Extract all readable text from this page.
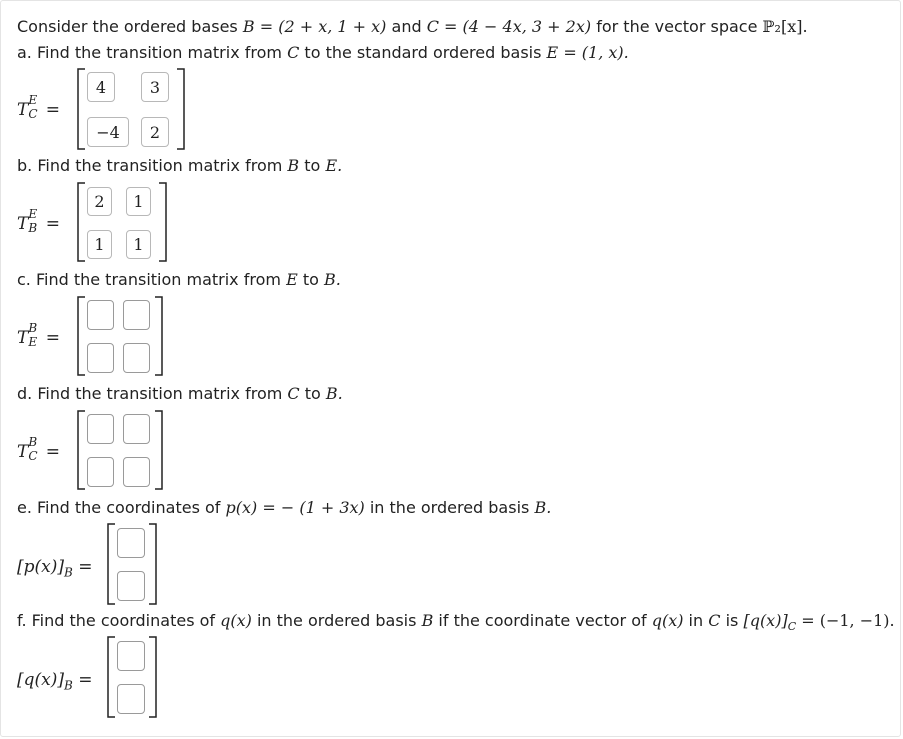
Consider the ordered bases B = (2 + x, 1 + x) and C = (4 − 4x, 3 + 2x) for the vector space ℙ₂[x].
a. Find the transition matrix from C to the standard ordered basis E = (1, x).
T E
C =
4	3
−4	2
b. Find the transition matrix from B to E.
T E
B =
2	1
1	1
c. Find the transition matrix from E to B.
T B
E =
d. Find the transition matrix from C to B.
T B
C =
e. Find the coordinates of p(x) = − (1 + 3x) in the ordered basis B.
$[p(x)]_B$ =
f. Find the coordinates of q(x) in the ordered basis B if the coordinate vector of q(x) in C is $[q(x)]_C = (-1$, −1).
$[q(x)]_B$ =
